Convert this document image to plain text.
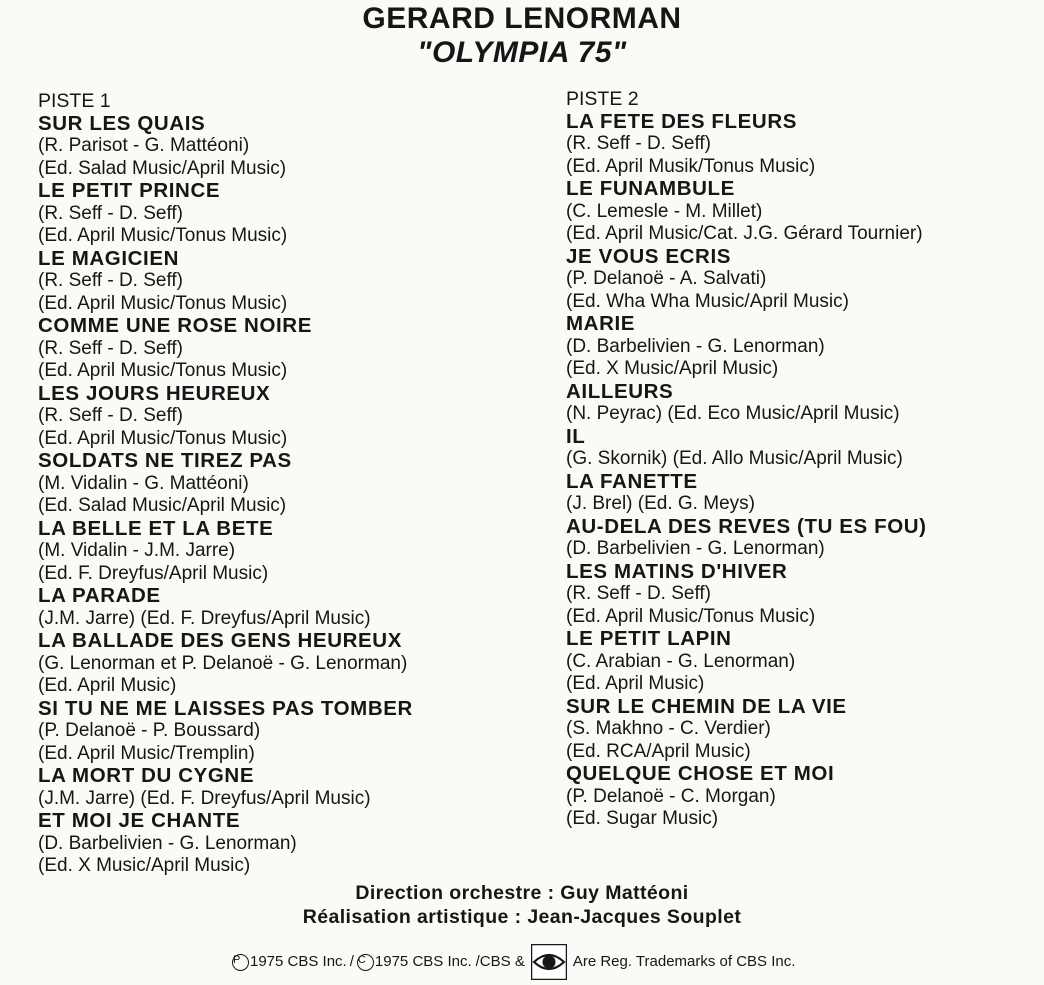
GERARD LENORMAN
"OLYMPIA 75"
PISTE 1
SUR LES QUAIS
(R. Parisot - G. Mattéoni)
(Ed. Salad Music/April Music)
LE PETIT PRINCE
(R. Seff - D. Seff)
(Ed. April Music/Tonus Music)
LE MAGICIEN
(R. Seff - D. Seff)
(Ed. April Music/Tonus Music)
COMME UNE ROSE NOIRE
(R. Seff - D. Seff)
(Ed. April Music/Tonus Music)
LES JOURS HEUREUX
(R. Seff - D. Seff)
(Ed. April Music/Tonus Music)
SOLDATS NE TIREZ PAS
(M. Vidalin - G. Mattéoni)
(Ed. Salad Music/April Music)
LA BELLE ET LA BETE
(M. Vidalin - J.M. Jarre)
(Ed. F. Dreyfus/April Music)
LA PARADE
(J.M. Jarre) (Ed. F. Dreyfus/April Music)
LA BALLADE DES GENS HEUREUX
(G. Lenorman et P. Delanoë - G. Lenorman)
(Ed. April Music)
SI TU NE ME LAISSES PAS TOMBER
(P. Delanoë - P. Boussard)
(Ed. April Music/Tremplin)
LA MORT DU CYGNE
(J.M. Jarre) (Ed. F. Dreyfus/April Music)
ET MOI JE CHANTE
(D. Barbelivien - G. Lenorman)
(Ed. X Music/April Music)
PISTE 2
LA FETE DES FLEURS
(R. Seff - D. Seff)
(Ed. April Musik/Tonus Music)
LE FUNAMBULE
(C. Lemesle - M. Millet)
(Ed. April Music/Cat. J.G. Gérard Tournier)
JE VOUS ECRIS
(P. Delanoë - A. Salvati)
(Ed. Wha Wha Music/April Music)
MARIE
(D. Barbelivien - G. Lenorman)
(Ed. X Music/April Music)
AILLEURS
(N. Peyrac) (Ed. Eco Music/April Music)
IL
(G. Skornik) (Ed. Allo Music/April Music)
LA FANETTE
(J. Brel) (Ed. G. Meys)
AU-DELA DES REVES (TU ES FOU)
(D. Barbelivien - G. Lenorman)
LES MATINS D'HIVER
(R. Seff - D. Seff)
(Ed. April Music/Tonus Music)
LE PETIT LAPIN
(C. Arabian - G. Lenorman)
(Ed. April Music)
SUR LE CHEMIN DE LA VIE
(S. Makhno - C. Verdier)
(Ed. RCA/April Music)
QUELQUE CHOSE ET MOI
(P. Delanoë - C. Morgan)
(Ed. Sugar Music)
Direction orchestre : Guy Mattéoni
Réalisation artistique : Jean-Jacques Souplet
P 1975 CBS Inc. / C 1975 CBS Inc. /CBS &	Are Reg. Trademarks of CBS Inc.
